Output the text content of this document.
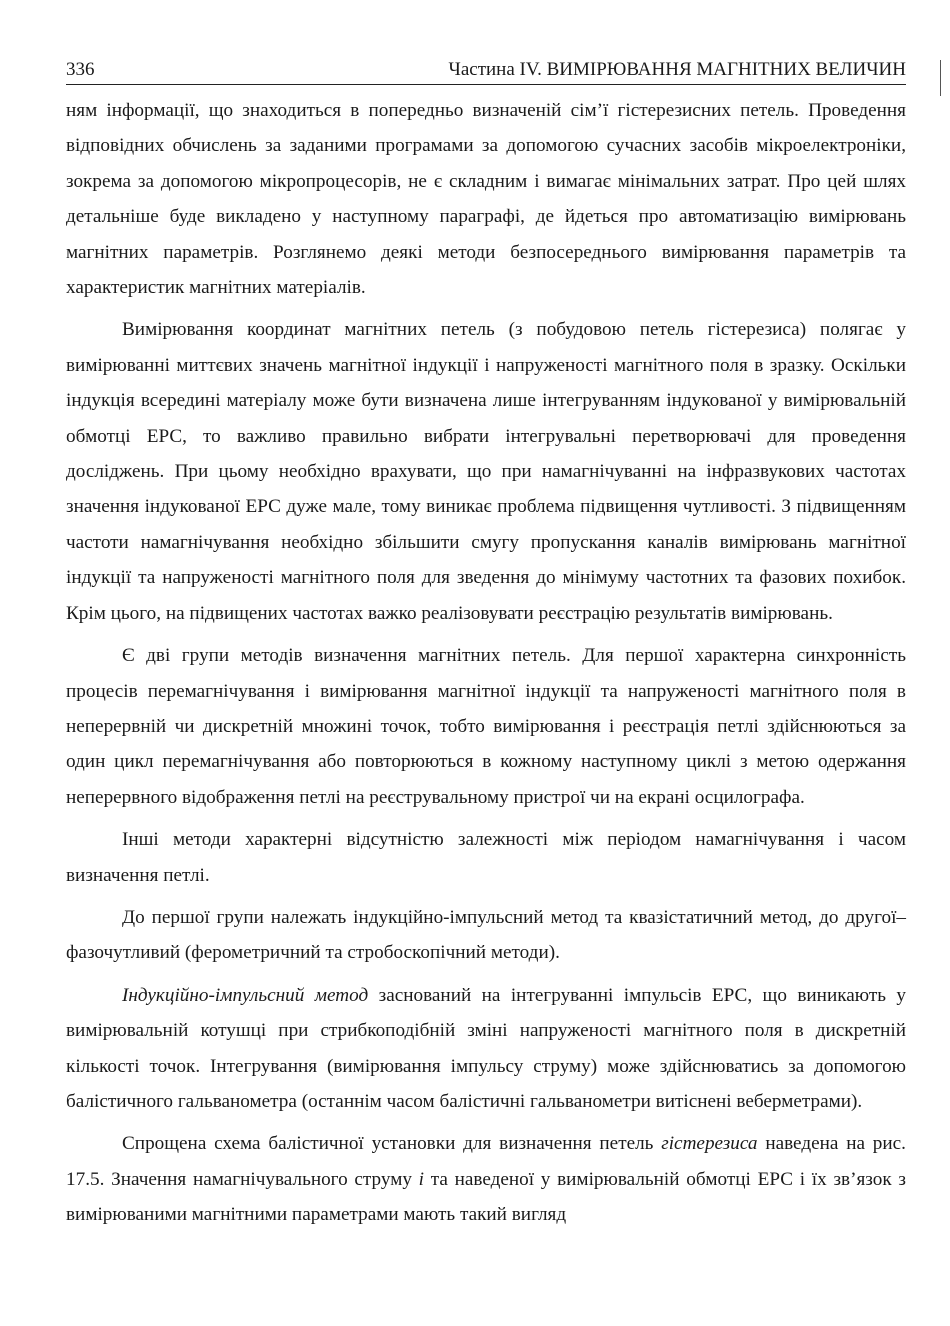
336	Частина IV. ВИМІРЮВАННЯ МАГНІТНИХ ВЕЛИЧИН

ням інформації, що знаходиться в попередньо визначеній сім’ї гістерезисних петель. Проведення відповідних обчислень за заданими програмами за допомогою сучасних засобів мікроелектроніки, зокрема за допомогою мікропроцесорів, не є складним і вимагає мінімальних затрат. Про цей шлях детальніше буде викладено у наступному параграфі, де йдеться про автоматизацію вимірювань магнітних параметрів. Розглянемо деякі методи безпосереднього вимірювання параметрів та характеристик магнітних матеріалів.

Вимірювання координат магнітних петель (з побудовою петель гістерезиса) полягає у вимірюванні миттєвих значень магнітної індукції і напруженості магнітного поля в зразку. Оскільки індукція всередині матеріалу може бути визначена лише інтегруванням індукованої у вимірювальній обмотці ЕРС, то важливо правильно вибрати інтегрувальні перетворювачі для проведення досліджень. При цьому необхідно врахувати, що при намагнічуванні на інфразвукових частотах значення індукованої ЕРС дуже мале, тому виникає проблема підвищення чутливості. З підвищенням частоти намагнічування необхідно збільшити смугу пропускання каналів вимірювань магнітної індукції та напруженості магнітного поля для зведення до мінімуму частотних та фазових похибок. Крім цього, на підвищених частотах важко реалізовувати реєстрацію результатів вимірювань.

Є дві групи методів визначення магнітних петель. Для першої характерна синхронність процесів перемагнічування і вимірювання магнітної індукції та напруженості магнітного поля в неперервній чи дискретній множині точок, тобто вимірювання і реєстрація петлі здійснюються за один цикл перемагнічування або повторюються в кожному наступному циклі з метою одержання неперервного відображення петлі на реєструвальному пристрої чи на екрані осцилографа.

Інші методи характерні відсутністю залежності між періодом намагнічування і часом визначення петлі.

До першої групи належать індукційно-імпульсний метод та квазістатичний метод, до другої–фазочутливий (ферометричний та стробоскопічний методи).

Індукційно-імпульсний метод заснований на інтегруванні імпульсів ЕРС, що виникають у вимірювальній котушці при стрибкоподібній зміні напруженості магнітного поля в дискретній кількості точок. Інтегрування (вимірювання імпульсу струму) може здійснюватись за допомогою балістичного гальванометра (останнім часом балістичні гальванометри витіснені веберметрами).

Спрощена схема балістичної установки для визначення петель гістерезиса наведена на рис. 17.5. Значення намагнічувального струму i та наведеної у вимірювальній обмотці ЕРС і їх зв’язок з вимірюваними магнітними параметрами мають такий вигляд
